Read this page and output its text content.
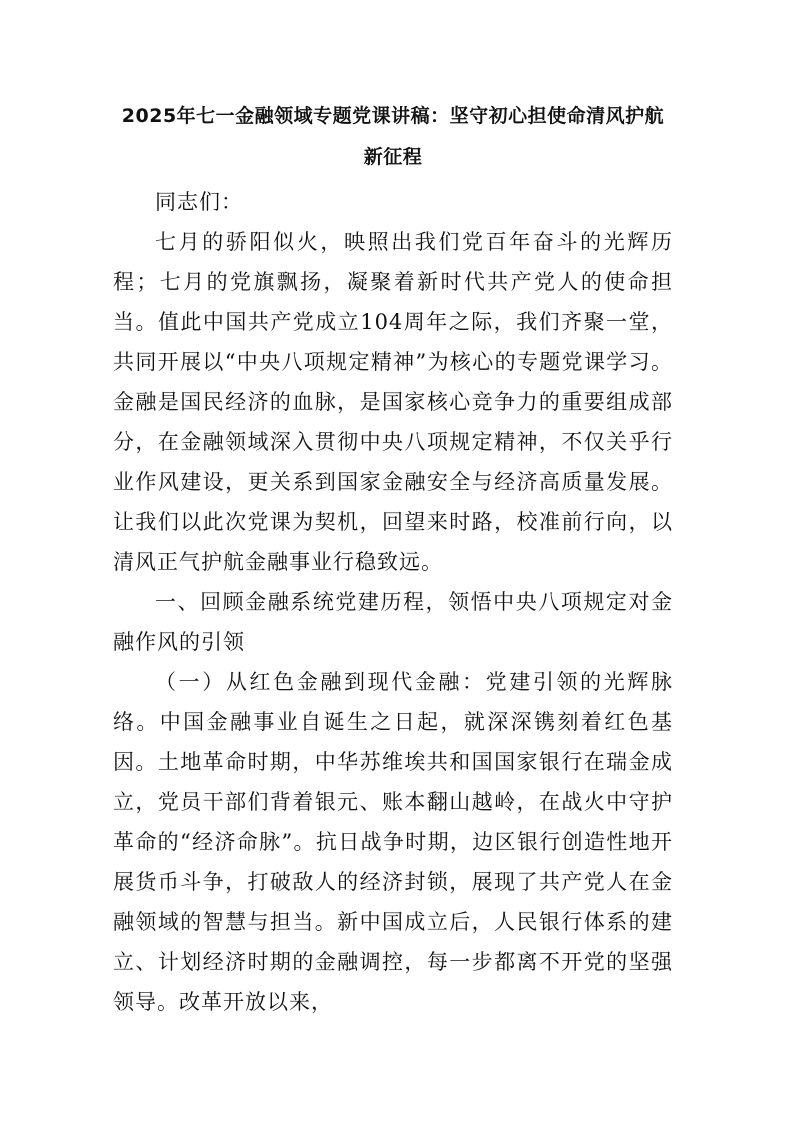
2025年七一金融领域专题党课讲稿：坚守初心担使命清风护航新征程

同志们：

七月的骄阳似火，映照出我们党百年奋斗的光辉历程；七月的党旗飘扬，凝聚着新时代共产党人的使命担当。值此中国共产党成立104周年之际，我们齐聚一堂，共同开展以“中央八项规定精神”为核心的专题党课学习。金融是国民经济的血脉，是国家核心竞争力的重要组成部分，在金融领域深入贯彻中央八项规定精神，不仅关乎行业作风建设，更关系到国家金融安全与经济高质量发展。让我们以此次党课为契机，回望来时路，校准前行向，以清风正气护航金融事业行稳致远。

一、回顾金融系统党建历程，领悟中央八项规定对金融作风的引领

（一）从红色金融到现代金融：党建引领的光辉脉络。中国金融事业自诞生之日起，就深深镌刻着红色基因。土地革命时期，中华苏维埃共和国国家银行在瑞金成立，党员干部们背着银元、账本翻山越岭，在战火中守护革命的“经济命脉”。抗日战争时期，边区银行创造性地开展货币斗争，打破敌人的经济封锁，展现了共产党人在金融领域的智慧与担当。新中国成立后，人民银行体系的建立、计划经济时期的金融调控，每一步都离不开党的坚强领导。改革开放以来，
